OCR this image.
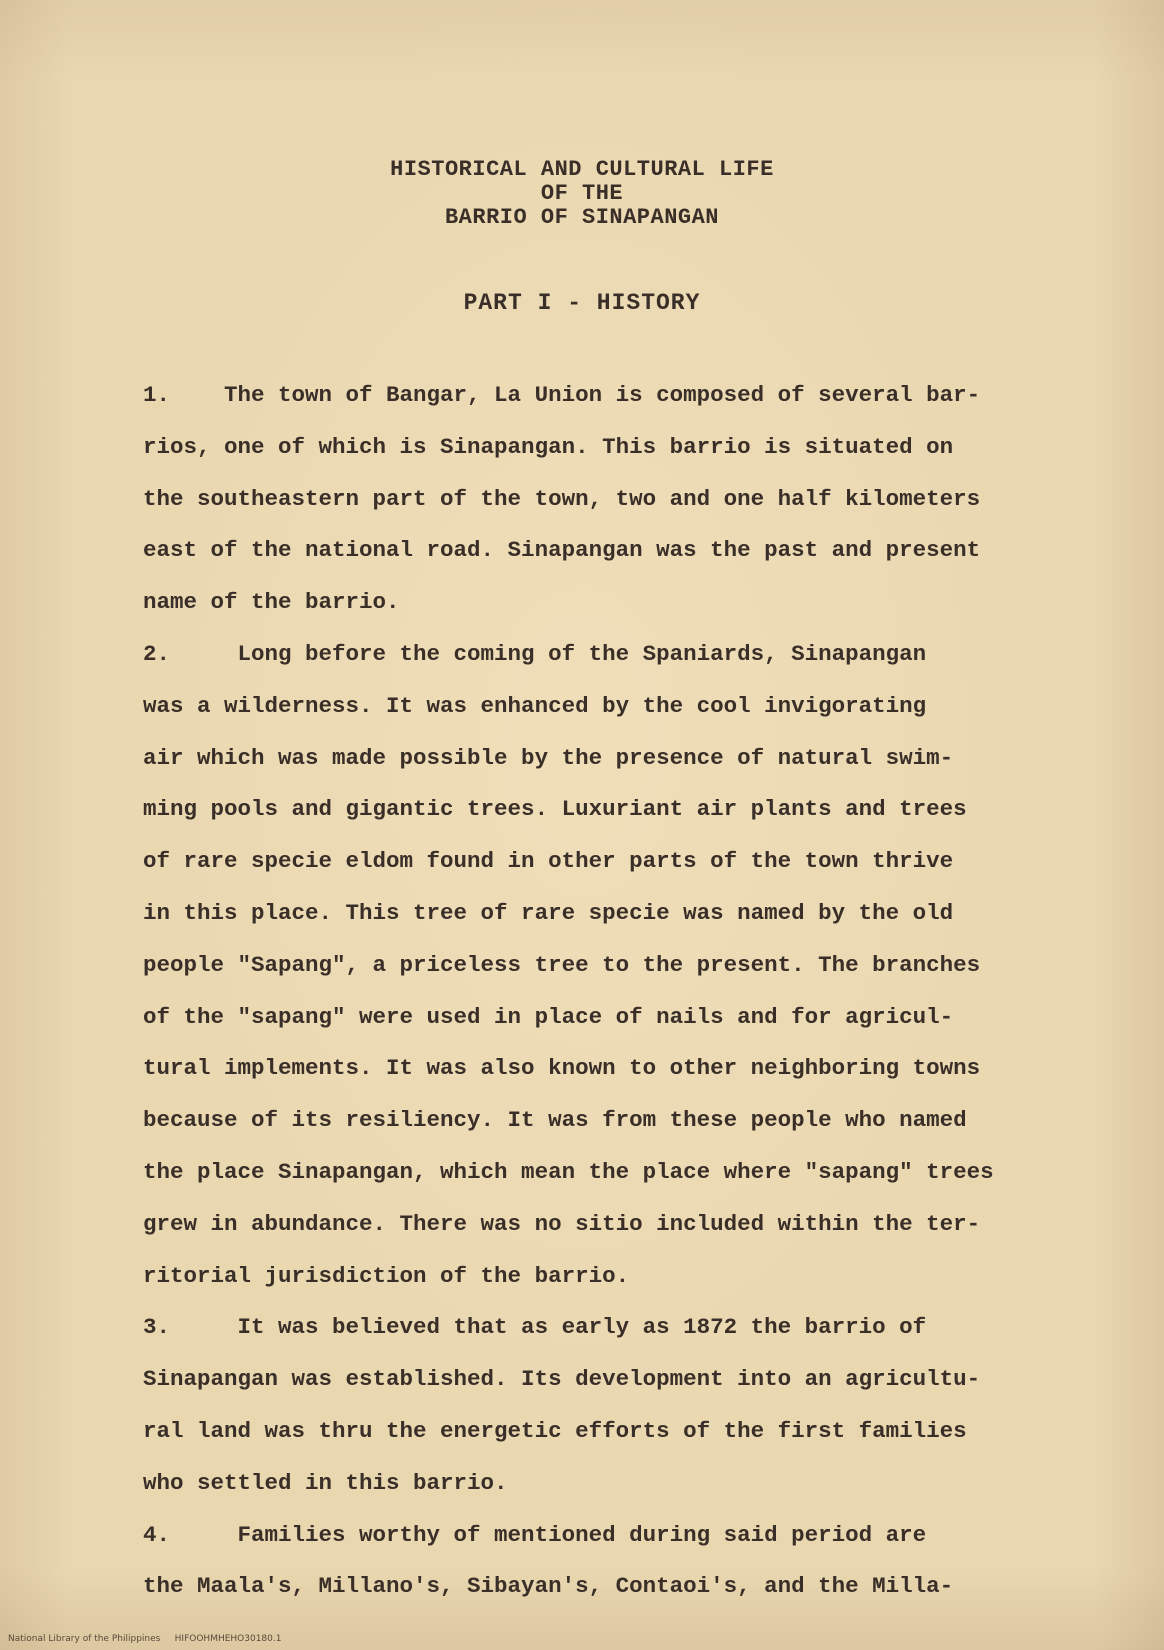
HISTORICAL AND CULTURAL LIFE
OF THE
BARRIO OF SINAPANGAN
PART I - HISTORY
1.    The town of Bangar, La Union is composed of several bar-
rios, one of which is Sinapangan. This barrio is situated on
the southeastern part of the town, two and one half kilometers
east of the national road. Sinapangan was the past and present
name of the barrio.
2.     Long before the coming of the Spaniards, Sinapangan
was a wilderness. It was enhanced by the cool invigorating
air which was made possible by the presence of natural swim-
ming pools and gigantic trees. Luxuriant air plants and trees
of rare specie eldom found in other parts of the town thrive
in this place. This tree of rare specie was named by the old
people "Sapang", a priceless tree to the present. The branches
of the "sapang" were used in place of nails and for agricul-
tural implements. It was also known to other neighboring towns
because of its resiliency. It was from these people who named
the place Sinapangan, which mean the place where "sapang" trees
grew in abundance. There was no sitio included within the ter-
ritorial jurisdiction of the barrio.
3.     It was believed that as early as 1872 the barrio of
Sinapangan was established. Its development into an agricultu-
ral land was thru the energetic efforts of the first families
who settled in this barrio.
4.     Families worthy of mentioned during said period are
the Maala's, Millano's, Sibayan's, Contaoi's, and the Milla-
National Library of the Philippines     HIFOOHMHEHO30180.1
